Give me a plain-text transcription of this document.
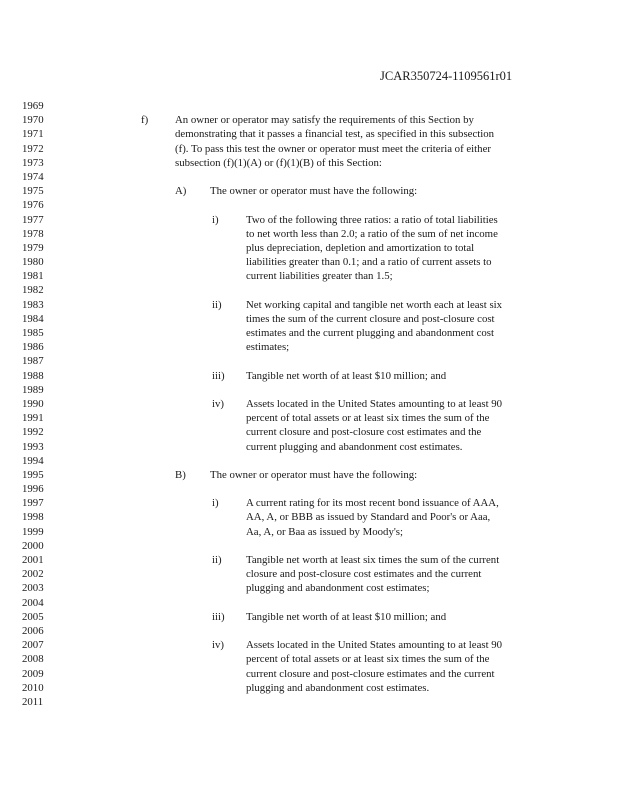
JCAR350724-1109561r01
1969
1970
1971
1972
1973
1974
1975
1976
1977
1978
1979
1980
1981
1982
1983
1984
1985
1986
1987
1988
1989
1990
1991
1992
1993
1994
1995
1996
1997
1998
1999
2000
2001
2002
2003
2004
2005
2006
2007
2008
2009
2010
2011
f) An owner or operator may satisfy the requirements of this Section by
demonstrating that it passes a financial test, as specified in this subsection
(f). To pass this test the owner or operator must meet the criteria of either
subsection (f)(1)(A) or (f)(1)(B) of this Section:
A) The owner or operator must have the following:
i)	Two of the following three ratios: a ratio of total liabilities
to net worth less than 2.0; a ratio of the sum of net income
plus depreciation, depletion and amortization to total
liabilities greater than 0.1; and a ratio of current assets to
current liabilities greater than 1.5;
ii) Net working capital and tangible net worth each at least six
times the sum of the current closure and post-closure cost
estimates and the current plugging and abandonment cost
estimates;
iii) Tangible net worth of at least $10 million; and
iv) Assets located in the United States amounting to at least 90
percent of total assets or at least six times the sum of the
current closure and post-closure cost estimates and the
current plugging and abandonment cost estimates.
B) The owner or operator must have the following:
i)	A current rating for its most recent bond issuance of AAA,
AA, A, or BBB as issued by Standard and Poor's or Aaa,
Aa, A, or Baa as issued by Moody's;
ii) Tangible net worth at least six times the sum of the current
closure and post-closure cost estimates and the current
plugging and abandonment cost estimates;
iii) Tangible net worth of at least $10 million; and
iv) Assets located in the United States amounting to at least 90
percent of total assets or at least six times the sum of the
current closure and post-closure estimates and the current
plugging and abandonment cost estimates.
